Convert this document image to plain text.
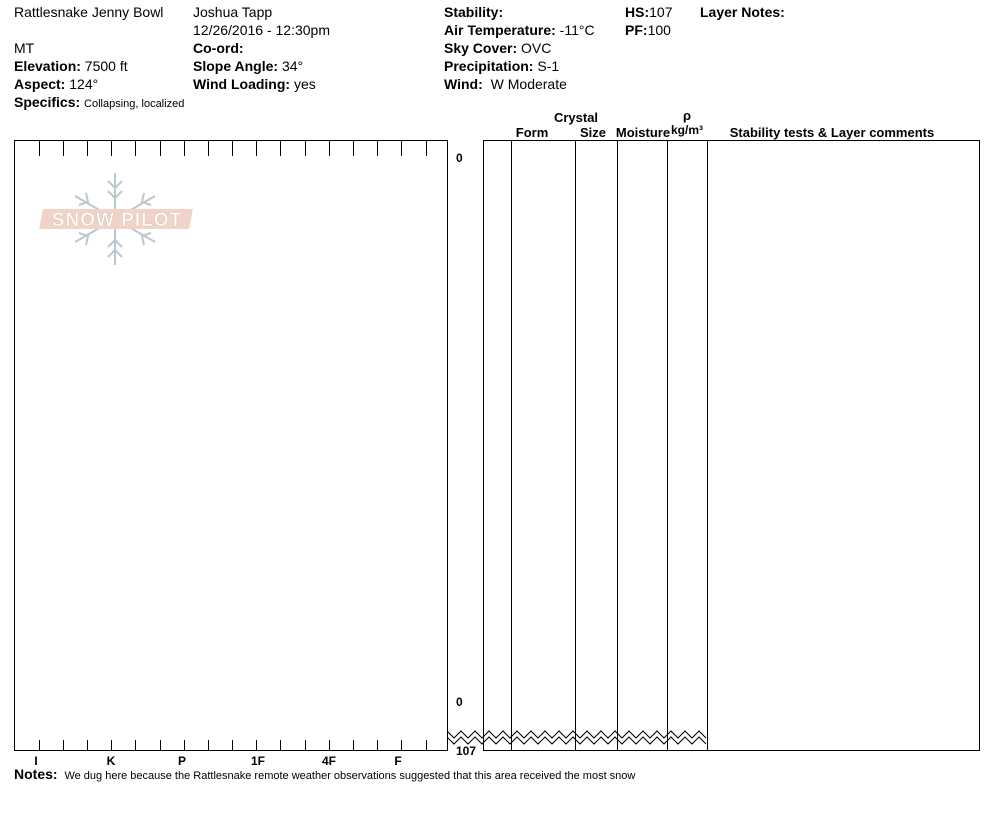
Rattlesnake Jenny Bowl
MT
Elevation: 7500 ft
Aspect: 124°
Specifics: Collapsing, localized
Joshua Tapp
12/26/2016 - 12:30pm
Co-ord:
Slope Angle: 34°
Wind Loading: yes
Stability:
Air Temperature: -11°C
Sky Cover: OVC
Precipitation: S-1
Wind: W Moderate
HS:107
PF:100
Layer Notes:
Form
Crystal
Size Moisture
ρ
kg/m³	Stability tests & Layer comments
SNOW PILOT
0
0
107
I	K	P	1F	4F	F
Notes: We dug here because the Rattlesnake remote weather observations suggested that this area received the most snow
